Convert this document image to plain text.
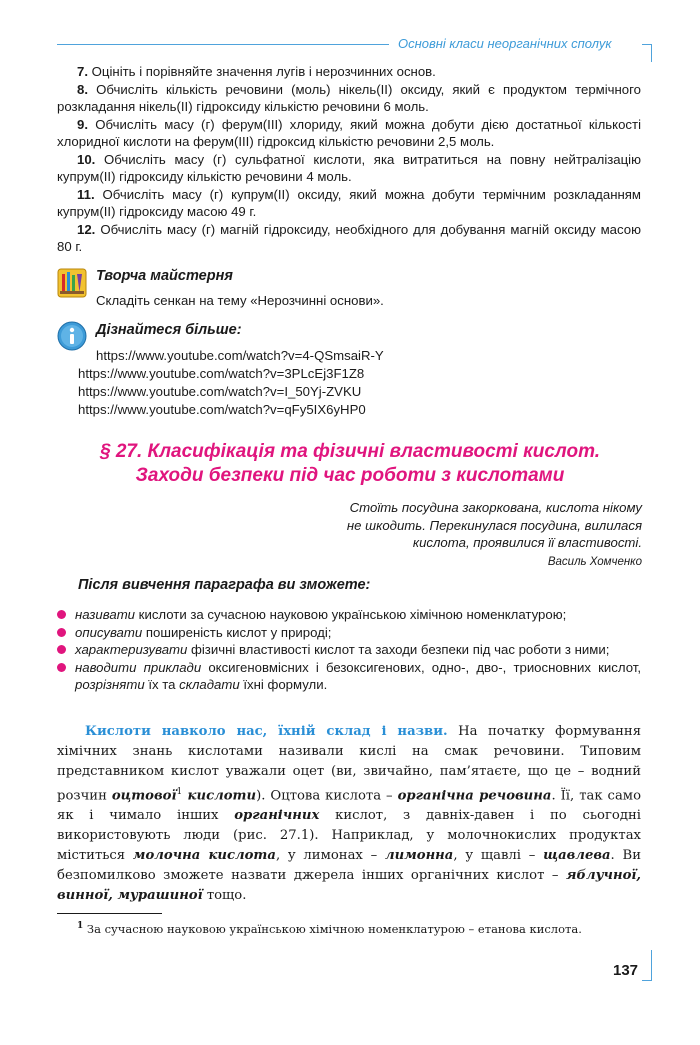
Основні класи неорганічних сполук

7. Оцініть і порівняйте значення лугів і нерозчинних основ.

8. Обчисліть кількість речовини (моль) нікель(ІІ) оксиду, який є продуктом термічного розкладання нікель(ІІ) гідроксиду кількістю речовини 6 моль.

9. Обчисліть масу (г) ферум(ІІІ) хлориду, який можна добути дією достатньої кількості хлоридної кислоти на ферум(ІІІ) гідроксид кількістю речовини 2,5 моль.

10. Обчисліть масу (г) сульфатної кислоти, яка витратиться на повну нейтралізацію купрум(ІІ) гідроксиду кількістю речовини 4 моль.

11. Обчисліть масу (г) купрум(ІІ) оксиду, який можна добути термічним розкладанням купрум(ІІ) гідроксиду масою 49 г.

12. Обчисліть масу (г) магній гідроксиду, необхідного для добування магній оксиду масою 80 г.

Творча майстерня
Складіть сенкан на тему «Нерозчинні основи».
Дізнайтеся більше:
https://www.youtube.com/watch?v=4-QSmsaiR-Y
https://www.youtube.com/watch?v=3PLcEj3F1Z8
https://www.youtube.com/watch?v=I_50Yj-ZVKU
https://www.youtube.com/watch?v=qFy5IX6yHP0
§ 27. Класифікація та фізичні властивості кислот.
Заходи безпеки під час роботи з кислотами
Стоїть посудина закоркована, кислота нікому
не шкодить. Перекинулася посудина, вилилася
кислота, проявилися її властивості.
Василь Хомченко
Після вивчення параграфа ви зможете:
називати кислоти за сучасною науковою українською хімічною номенклатурою;
описувати поширеність кислот у природі;
характеризувати фізичні властивості кислот та заходи безпеки під час роботи з ними;
наводити приклади оксигеновмісних і безоксигенових, одно-, дво-, триосновних кислот, розрізняти їх та складати їхні формули.

Кислоти навколо нас, їхній склад і назви. На початку формування хімічних знань кислотами називали кислі на смак речовини. Типовим представником кислот уважали оцет (ви, звичайно, пам’ятаєте, що це – водний розчин оцтової$^1$ кислоти). Оцтова кислота – органічна речовина. Її, так само як і чимало інших органічних кислот, з давніх-давен і по сьогодні використовують люди (рис. 27.1). Наприклад, у молочнокислих продуктах міститься молочна кислота, у лимонах – лимонна, у щавлі – щавлева. Ви безпомилково зможете назвати джерела інших органічних кислот – яблучної, винної, мурашиної тощо.

$^1$ За сучасною науковою українською хімічною номенклатурою – етанова кислота.

137
